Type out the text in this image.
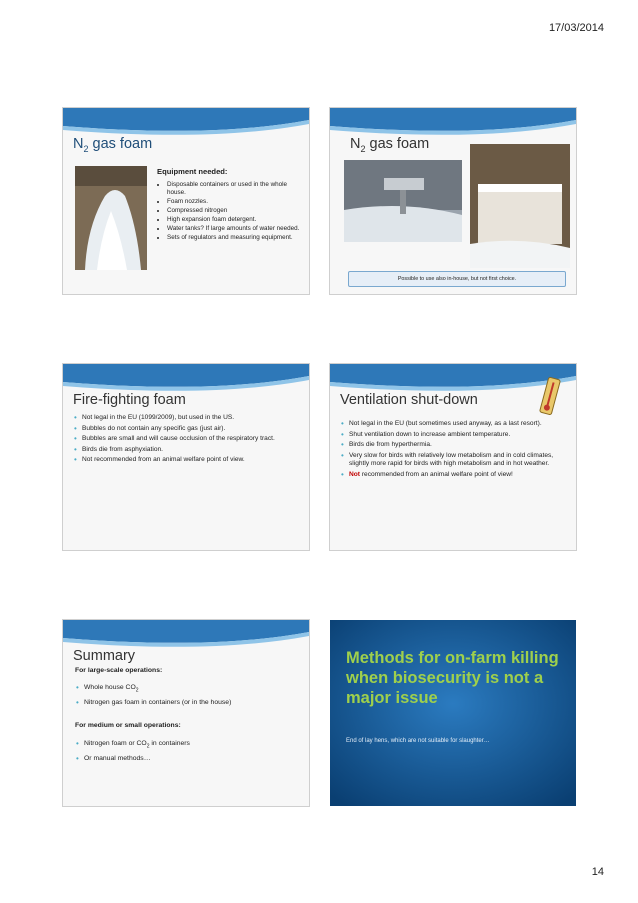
17/03/2014
$N_2$ gas foam
Equipment needed:
• Disposable containers or used in the whole house.
• Foam nozzles.
• Compressed nitrogen
• High expansion foam detergent.
• Water tanks? If large amounts of water needed.
• Sets of regulators and measuring equipment.
$N_2$ gas foam
Possible to use also in-house, but not first choice.
Fire-fighting foam
• Not legal in the EU (1099/2009), but used in the US.
• Bubbles do not contain any specific gas (just air).
• Bubbles are small and will cause occlusion of the respiratory tract.
• Birds die from asphyxiation.
• Not recommended from an animal welfare point of view.
Ventilation shut-down
• Not legal in the EU (but sometimes used anyway, as a last resort).
• Shut ventilation down to increase ambient temperature.
• Birds die from hyperthermia.
• Very slow for birds with relatively low metabolism and in cold climates, slightly more rapid for birds with high metabolism and in hot weather.
• Not recommended from an animal welfare point of view!
Summary
For large-scale operations:
• Whole house $CO_2$
• Nitrogen gas foam in containers (or in the house)
For medium or small operations:
• Nitrogen foam or $CO_2$ in containers
• Or manual methods…
Methods for on-farm killing when biosecurity is not a major issue
End of lay hens, which are not suitable for slaughter…
14
